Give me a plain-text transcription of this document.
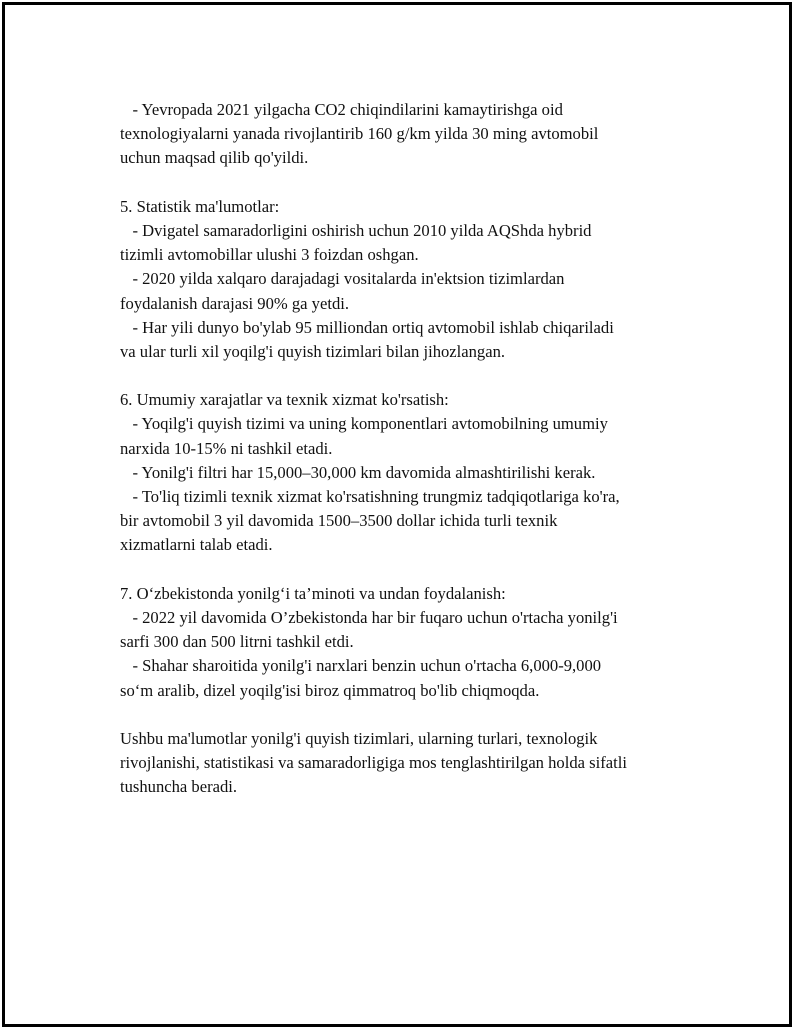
- Yevropada 2021 yilgacha CO2 chiqindilarini kamaytirishga oid
texnologiyalarni yanada rivojlantirib 160 g/km yilda 30 ming avtomobil
uchun maqsad qilib qo'yildi.
5. Statistik ma'lumotlar:
- Dvigatel samaradorligini oshirish uchun 2010 yilda AQShda hybrid
tizimli avtomobillar ulushi 3 foizdan oshgan.
- 2020 yilda xalqaro darajadagi vositalarda in'ektsion tizimlardan
foydalanish darajasi 90% ga yetdi.
- Har yili dunyo bo'ylab 95 milliondan ortiq avtomobil ishlab chiqariladi
va ular turli xil yoqilg'i quyish tizimlari bilan jihozlangan.
6. Umumiy xarajatlar va texnik xizmat ko'rsatish:
- Yoqilg'i quyish tizimi va uning komponentlari avtomobilning umumiy
narxida 10-15% ni tashkil etadi.
- Yonilg'i filtri har 15,000–30,000 km davomida almashtirilishi kerak.
- To'liq tizimli texnik xizmat ko'rsatishning trungmiz tadqiqotlariga ko'ra,
bir avtomobil 3 yil davomida 1500–3500 dollar ichida turli texnik
xizmatlarni talab etadi.
7. O‘zbekistonda yonilg‘i ta’minoti va undan foydalanish:
- 2022 yil davomida O’zbekistonda har bir fuqaro uchun o'rtacha yonilg'i
sarfi 300 dan 500 litrni tashkil etdi.
- Shahar sharoitida yonilg'i narxlari benzin uchun o'rtacha 6,000-9,000
so‘m aralib, dizel yoqilg'isi biroz qimmatroq bo'lib chiqmoqda.
Ushbu ma'lumotlar yonilg'i quyish tizimlari, ularning turlari, texnologik
rivojlanishi, statistikasi va samaradorligiga mos tenglashtirilgan holda sifatli
tushuncha beradi.
